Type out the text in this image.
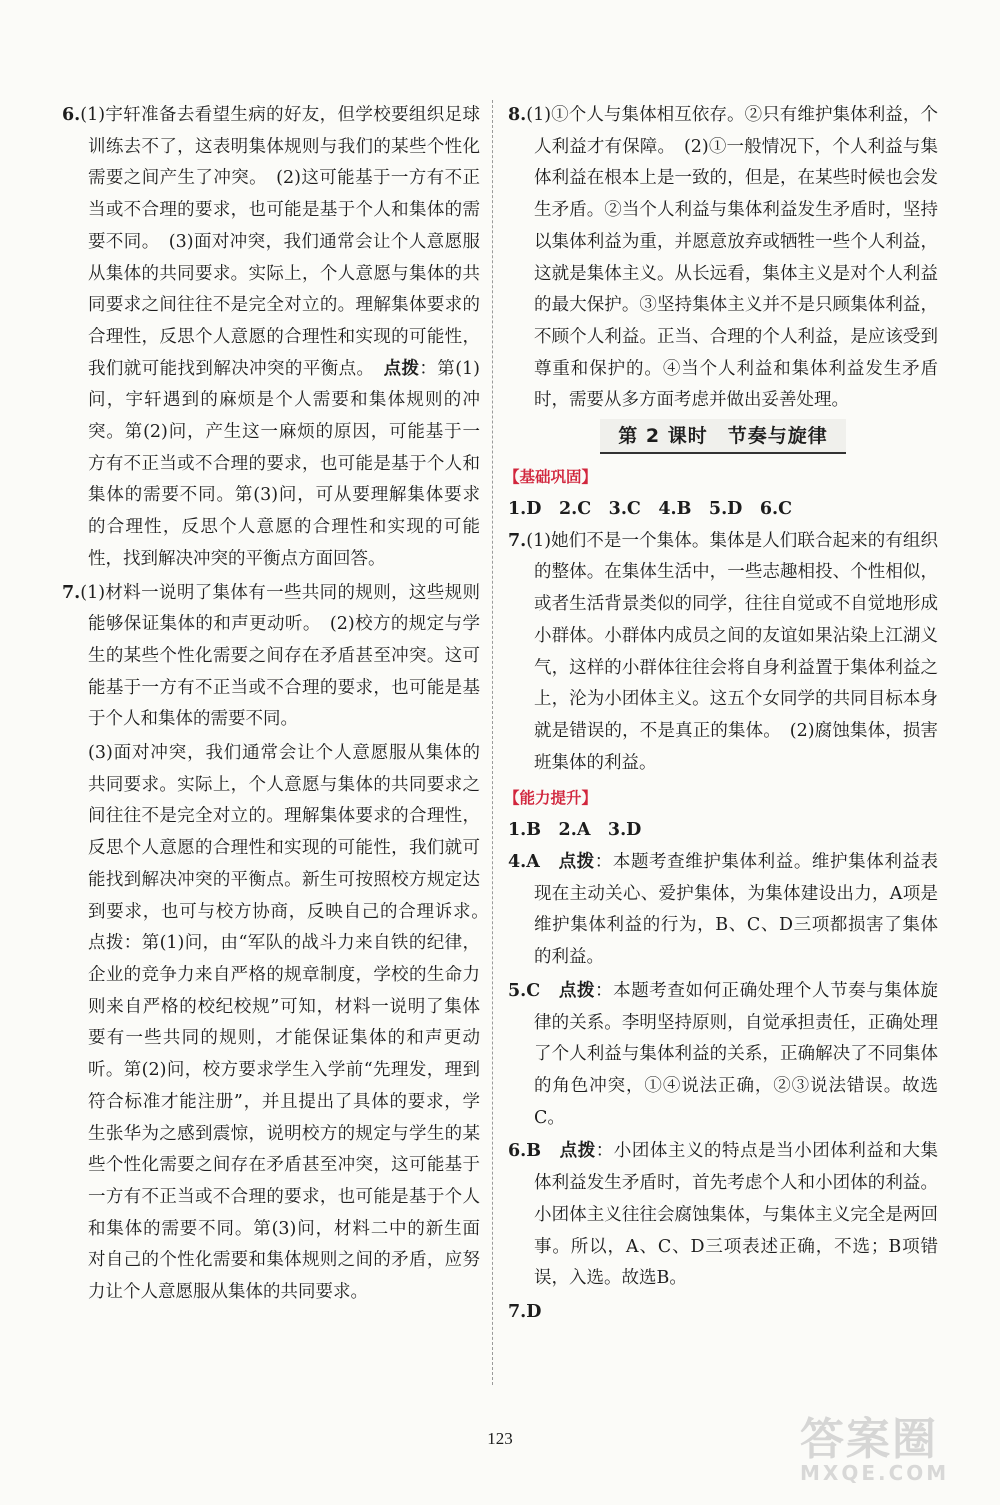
6.(1)宇轩准备去看望生病的好友，但学校要组织足球训练去不了，这表明集体规则与我们的某些个性化需要之间产生了冲突。　(2)这可能基于一方有不正当或不合理的要求，也可能是基于个人和集体的需要不同。　(3)面对冲突，我们通常会让个人意愿服从集体的共同要求。实际上，个人意愿与集体的共同要求之间往往不是完全对立的。理解集体要求的合理性，反思个人意愿的合理性和实现的可能性，我们就可能找到解决冲突的平衡点。　点拨：第(1)问，宇轩遇到的麻烦是个人需要和集体规则的冲突。第(2)问，产生这一麻烦的原因，可能基于一方有不正当或不合理的要求，也可能是基于个人和集体的需要不同。第(3)问，可从要理解集体要求的合理性，反思个人意愿的合理性和实现的可能性，找到解决冲突的平衡点方面回答。

7.(1)材料一说明了集体有一些共同的规则，这些规则能够保证集体的和声更动听。　(2)校方的规定与学生的某些个性化需要之间存在矛盾甚至冲突。这可能基于一方有不正当或不合理的要求，也可能是基于个人和集体的需要不同。

(3)面对冲突，我们通常会让个人意愿服从集体的共同要求。实际上，个人意愿与集体的共同要求之间往往不是完全对立的。理解集体要求的合理性，反思个人意愿的合理性和实现的可能性，我们就可能找到解决冲突的平衡点。新生可按照校方规定达到要求，也可与校方协商，反映自己的合理诉求。　点拨：第(1)问，由“军队的战斗力来自铁的纪律，企业的竞争力来自严格的规章制度，学校的生命力则来自严格的校纪校规”可知，材料一说明了集体要有一些共同的规则，才能保证集体的和声更动听。第(2)问，校方要求学生入学前“先理发，理到符合标准才能注册”，并且提出了具体的要求，学生张华为之感到震惊，说明校方的规定与学生的某些个性化需要之间存在矛盾甚至冲突，这可能基于一方有不正当或不合理的要求，也可能是基于个人和集体的需要不同。第(3)问，材料二中的新生面对自己的个性化需要和集体规则之间的矛盾，应努力让个人意愿服从集体的共同要求。

8.(1)①个人与集体相互依存。②只有维护集体利益，个人利益才有保障。　(2)①一般情况下，个人利益与集体利益在根本上是一致的，但是，在某些时候也会发生矛盾。②当个人利益与集体利益发生矛盾时，坚持以集体利益为重，并愿意放弃或牺牲一些个人利益，这就是集体主义。从长远看，集体主义是对个人利益的最大保护。③坚持集体主义并不是只顾集体利益，不顾个人利益。正当、合理的个人利益，是应该受到尊重和保护的。④当个人利益和集体利益发生矛盾时，需要从多方面考虑并做出妥善处理。

第 2 课时　节奏与旋律
【基础巩固】

1.D　2.C　3.C　4.B　5.D　6.C

7.(1)她们不是一个集体。集体是人们联合起来的有组织的整体。在集体生活中，一些志趣相投、个性相似，或者生活背景类似的同学，往往自觉或不自觉地形成小群体。小群体内成员之间的友谊如果沾染上江湖义气，这样的小群体往往会将自身利益置于集体利益之上，沦为小团体主义。这五个女同学的共同目标本身就是错误的，不是真正的集体。　(2)腐蚀集体，损害班集体的利益。

【能力提升】

1.B　2.A　3.D

4.A　点拨：本题考查维护集体利益。维护集体利益表现在主动关心、爱护集体，为集体建设出力，A项是维护集体利益的行为，B、C、D三项都损害了集体的利益。

5.C　点拨：本题考查如何正确处理个人节奏与集体旋律的关系。李明坚持原则，自觉承担责任，正确处理了个人利益与集体利益的关系，正确解决了不同集体的角色冲突，①④说法正确，②③说法错误。故选C。

6.B　点拨：小团体主义的特点是当小团体利益和大集体利益发生矛盾时，首先考虑个人和小团体的利益。小团体主义往往会腐蚀集体，与集体主义完全是两回事。所以，A、C、D三项表述正确，不选；B项错误，入选。故选B。

7.D

123	答案圈
MXQE.COM
